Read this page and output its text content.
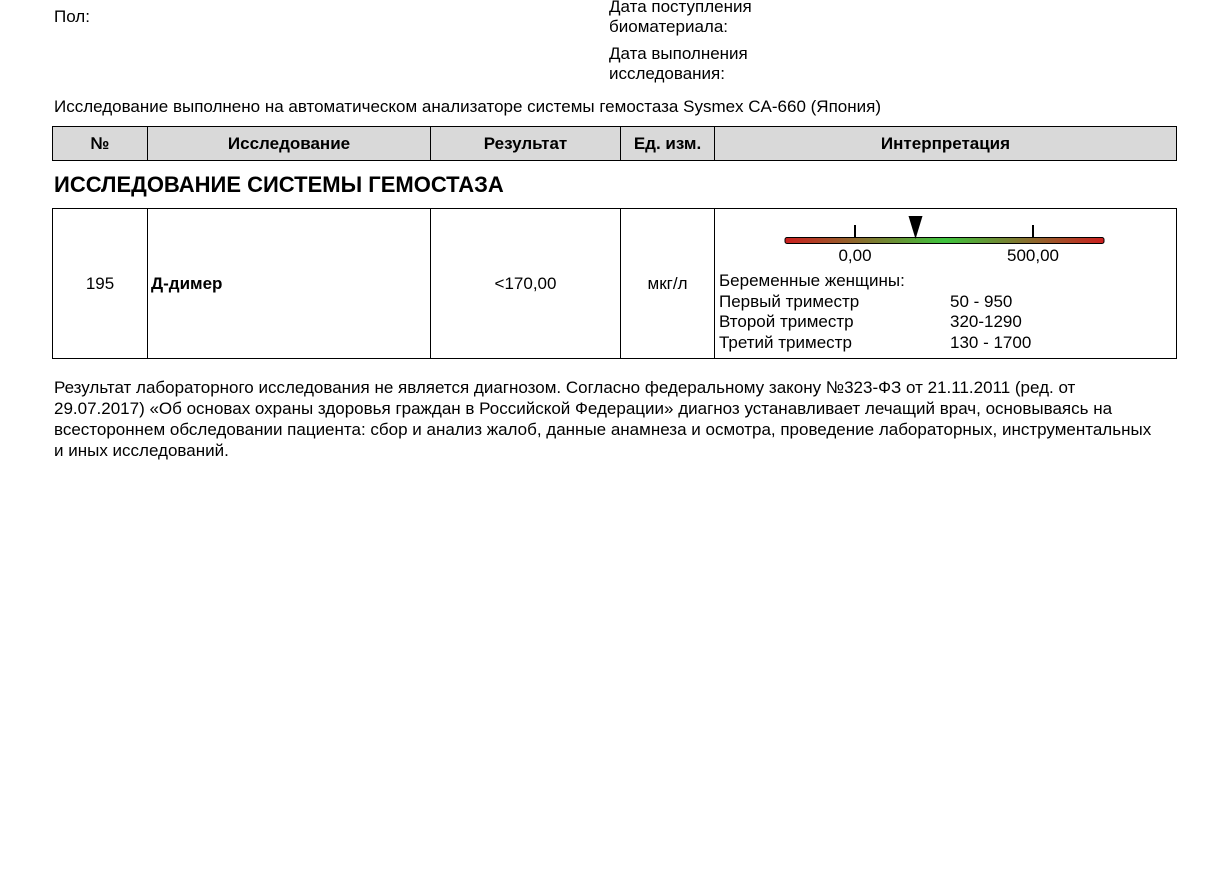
Пол:
Дата поступления
биоматериала:
Дата выполнения
исследования:
Исследование выполнено на автоматическом анализаторе системы гемостаза Sysmex CA-660 (Япония)
№	Исследование	Результат	Ед. изм.	Интерпретация
ИССЛЕДОВАНИЕ СИСТЕМЫ ГЕМОСТАЗА
195	Д-димер	<170,00	мкг/л	
0,00	500,00
Беременные женщины:
Первый триместр	50 - 950
Второй триместр	320-1290
Третий триместр	130 - 1700
Результат лабораторного исследования не является диагнозом. Согласно федеральному закону №323-ФЗ от 21.11.2011 (ред. от 29.07.2017) «Об основах охраны здоровья граждан в Российской Федерации» диагноз устанавливает лечащий врач, основываясь на всестороннем обследовании пациента: сбор и анализ жалоб, данные анамнеза и осмотра, проведение лабораторных, инструментальных и иных исследований.
